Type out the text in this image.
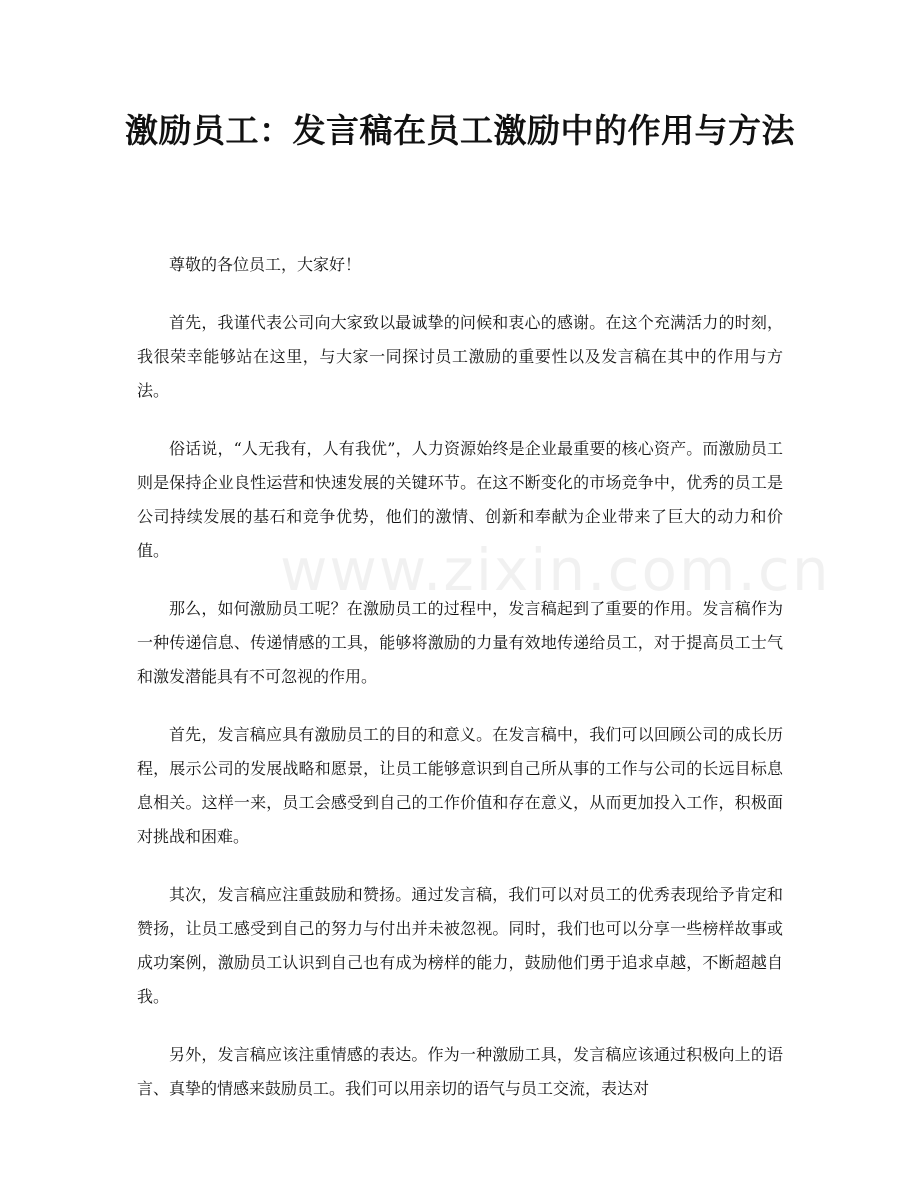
www.zixin.com.cn
激励员工：发言稿在员工激励中的作用与方法

尊敬的各位员工，大家好！

首先，我谨代表公司向大家致以最诚挚的问候和衷心的感谢。在这个充满活力的时刻，我很荣幸能够站在这里，与大家一同探讨员工激励的重要性以及发言稿在其中的作用与方法。

俗话说，“人无我有，人有我优”，人力资源始终是企业最重要的核心资产。而激励员工则是保持企业良性运营和快速发展的关键环节。在这不断变化的市场竞争中，优秀的员工是公司持续发展的基石和竞争优势，他们的激情、创新和奉献为企业带来了巨大的动力和价值。

那么，如何激励员工呢？在激励员工的过程中，发言稿起到了重要的作用。发言稿作为一种传递信息、传递情感的工具，能够将激励的力量有效地传递给员工，对于提高员工士气和激发潜能具有不可忽视的作用。

首先，发言稿应具有激励员工的目的和意义。在发言稿中，我们可以回顾公司的成长历程，展示公司的发展战略和愿景，让员工能够意识到自己所从事的工作与公司的长远目标息息相关。这样一来，员工会感受到自己的工作价值和存在意义，从而更加投入工作，积极面对挑战和困难。

其次，发言稿应注重鼓励和赞扬。通过发言稿，我们可以对员工的优秀表现给予肯定和赞扬，让员工感受到自己的努力与付出并未被忽视。同时，我们也可以分享一些榜样故事或成功案例，激励员工认识到自己也有成为榜样的能力，鼓励他们勇于追求卓越，不断超越自我。

另外，发言稿应该注重情感的表达。作为一种激励工具，发言稿应该通过积极向上的语言、真挚的情感来鼓励员工。我们可以用亲切的语气与员工交流，表达对
